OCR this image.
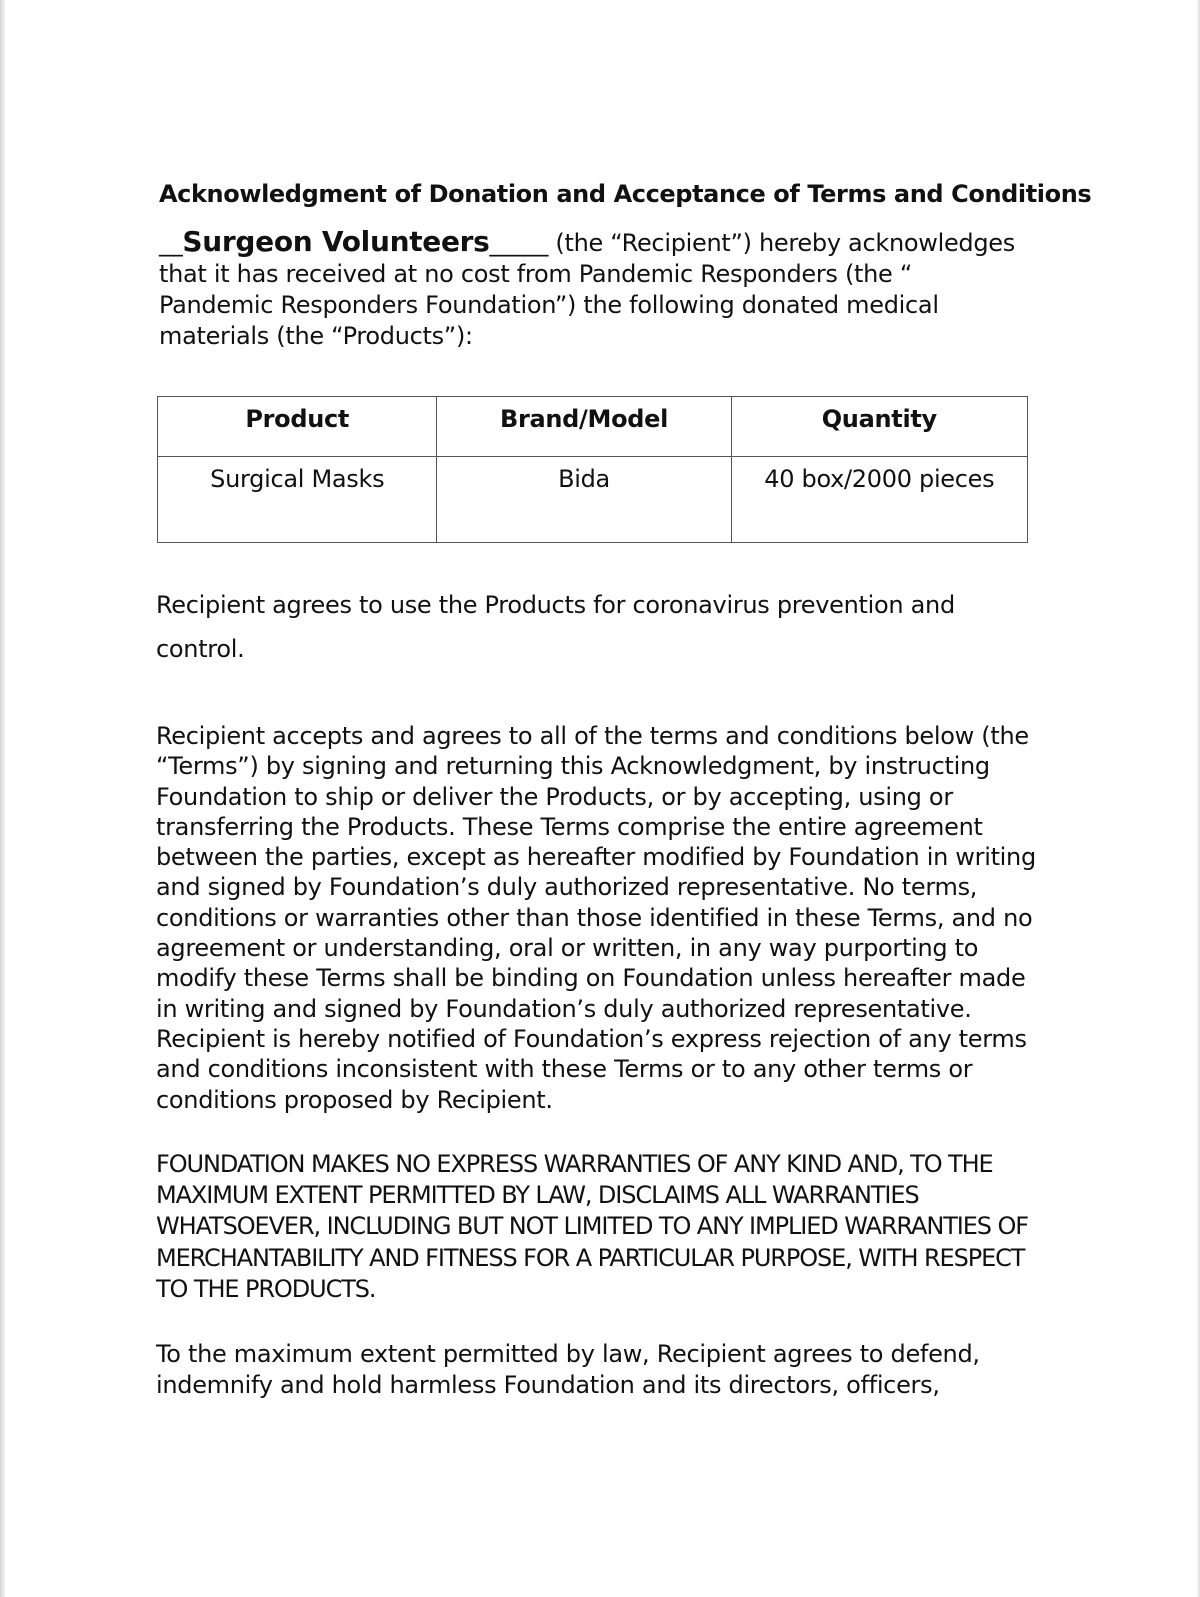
Acknowledgment of Donation and Acceptance of Terms and Conditions

__Surgeon Volunteers_____ (the “Recipient”) hereby acknowledges that it has received at no cost from Pandemic Responders (the “ Pandemic Responders Foundation”) the following donated medical materials (the “Products”):

Product	Brand/Model	Quantity
Surgical Masks	Bida	40 box/2000 pieces

Recipient agrees to use the Products for coronavirus prevention and control.

Recipient accepts and agrees to all of the terms and conditions below (the “Terms”) by signing and returning this Acknowledgment, by instructing Foundation to ship or deliver the Products, or by accepting, using or transferring the Products. These Terms comprise the entire agreement between the parties, except as hereafter modified by Foundation in writing and signed by Foundation’s duly authorized representative. No terms, conditions or warranties other than those identified in these Terms, and no agreement or understanding, oral or written, in any way purporting to modify these Terms shall be binding on Foundation unless hereafter made in writing and signed by Foundation’s duly authorized representative. Recipient is hereby notified of Foundation’s express rejection of any terms and conditions inconsistent with these Terms or to any other terms or conditions proposed by Recipient.

FOUNDATION MAKES NO EXPRESS WARRANTIES OF ANY KIND AND, TO THE MAXIMUM EXTENT PERMITTED BY LAW, DISCLAIMS ALL WARRANTIES WHATSOEVER, INCLUDING BUT NOT LIMITED TO ANY IMPLIED WARRANTIES OF MERCHANTABILITY AND FITNESS FOR A PARTICULAR PURPOSE, WITH RESPECT TO THE PRODUCTS.

To the maximum extent permitted by law, Recipient agrees to defend, indemnify and hold harmless Foundation and its directors, officers,
